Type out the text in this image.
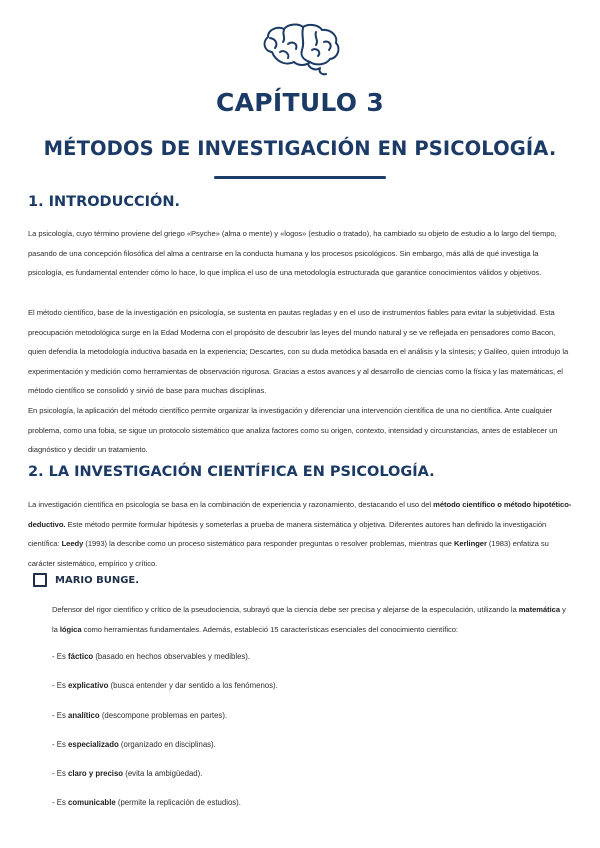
CAPÍTULO 3
MÉTODOS DE INVESTIGACIÓN EN PSICOLOGÍA.
1. INTRODUCCIÓN.

La psicología, cuyo término proviene del griego «Psyche» (alma o mente) y «logos» (estudio o tratado), ha cambiado su objeto de estudio a lo largo del tiempo, pasando de una concepción filosófica del alma a centrarse en la conducta humana y los procesos psicológicos. Sin embargo, más allá de qué investiga la psicología, es fundamental entender cómo lo hace, lo que implica el uso de una metodología estructurada que garantice conocimientos válidos y objetivos.

El método científico, base de la investigación en psicología, se sustenta en pautas regladas y en el uso de instrumentos fiables para evitar la subjetividad. Esta preocupación metodológica surge en la Edad Moderna con el propósito de descubrir las leyes del mundo natural y se ve reflejada en pensadores como Bacon, quien defendía la metodología inductiva basada en la experiencia; Descartes, con su duda metódica basada en el análisis y la síntesis; y Galileo, quien introdujo la experimentación y medición como herramientas de observación rigurosa. Gracias a estos avances y al desarrollo de ciencias como la física y las matemáticas, el método científico se consolidó y sirvió de base para muchas disciplinas.

En psicología, la aplicación del método científico permite organizar la investigación y diferenciar una intervención científica de una no científica. Ante cualquier problema, como una fobia, se sigue un protocolo sistemático que analiza factores como su origen, contexto, intensidad y circunstancias, antes de establecer un diagnóstico y decidir un tratamiento.

2. LA INVESTIGACIÓN CIENTÍFICA EN PSICOLOGÍA.

La investigación científica en psicología se basa en la combinación de experiencia y razonamiento, destacando el uso del método científico o método hipotético-deductivo. Este método permite formular hipótesis y someterlas a prueba de manera sistemática y objetiva. Diferentes autores han definido la investigación científica: Leedy (1993) la describe como un proceso sistemático para responder preguntas o resolver problemas, mientras que Kerlinger (1983) enfatiza su carácter sistemático, empírico y crítico.

MARIO BUNGE.

Defensor del rigor científico y crítico de la pseudociencia, subrayó que la ciencia debe ser precisa y alejarse de la especulación, utilizando la matemática y la lógica como herramientas fundamentales. Además, estableció 15 características esenciales del conocimiento científico:

- Es fáctico (basado en hechos observables y medibles).

- Es explicativo (busca entender y dar sentido a los fenómenos).

- Es analítico (descompone problemas en partes).

- Es especializado (organizado en disciplinas).

- Es claro y preciso (evita la ambigüedad).

- Es comunicable (permite la replicación de estudios).
